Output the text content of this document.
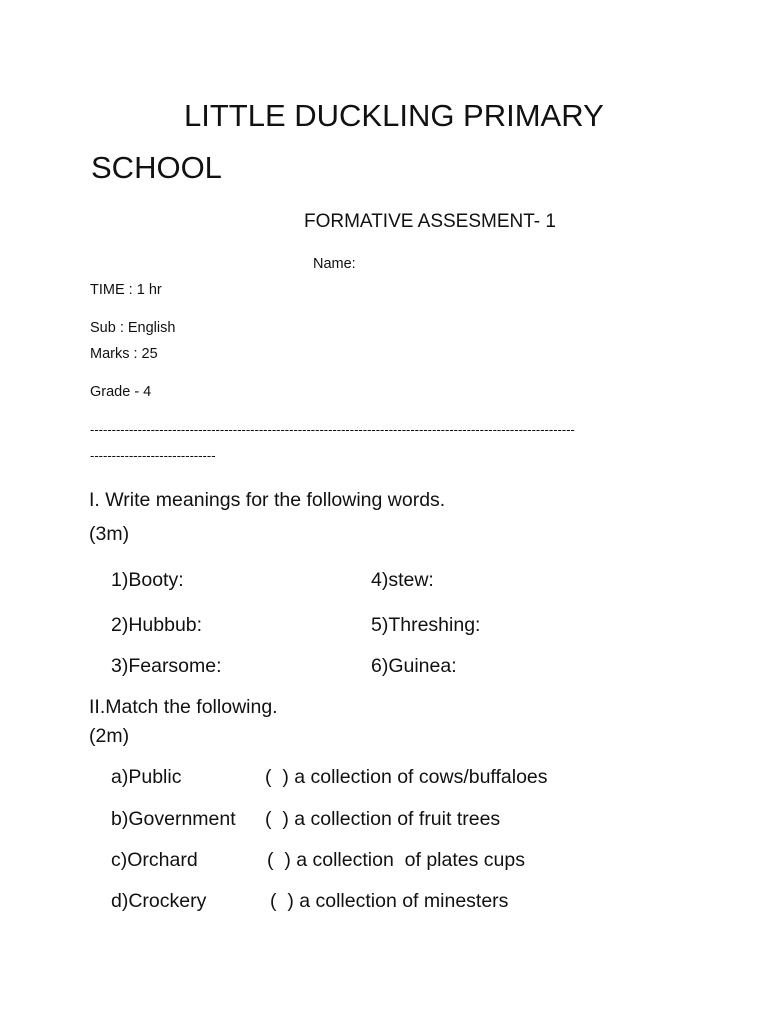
LITTLE DUCKLING PRIMARY
SCHOOL
FORMATIVE ASSESMENT- 1
Name:
TIME : 1 hr
Sub : English
Marks : 25
Grade - 4
----------------------------------------------------------------------------------------------------------------
-----------------------------
I. Write meanings for the following words.
(3m)
1)Booty:
2)Hubbub:
3)Fearsome:
4)stew:
5)Threshing:
6)Guinea:
II.Match the following.
(2m)
a)Public
b)Government
c)Orchard
d)Crockery
(  ) a collection of cows/buffaloes
(  ) a collection of fruit trees
(  ) a collection  of plates cups
(  ) a collection of minesters
